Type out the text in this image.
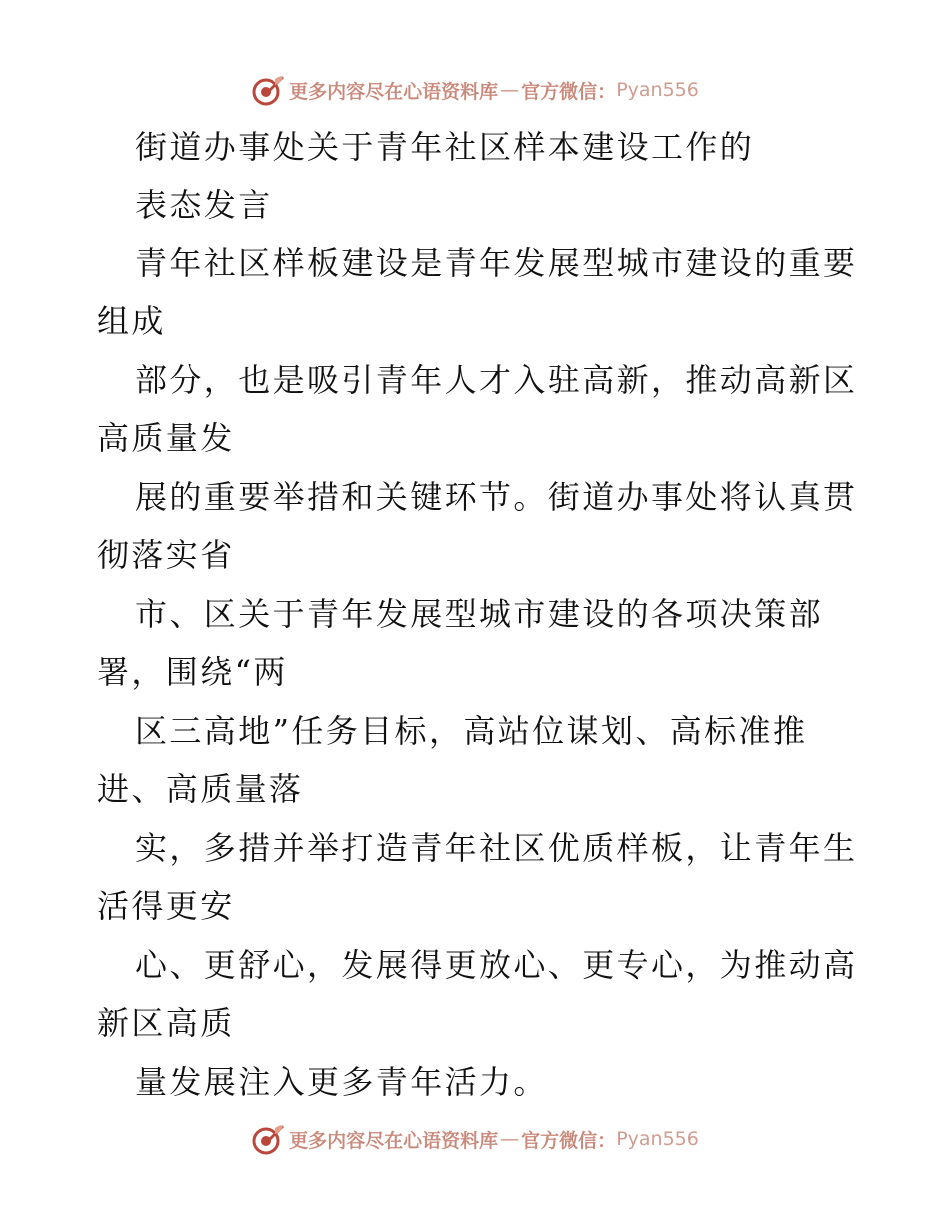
更多内容尽在心语资料库 — 官方微信： Pyan556

街道办事处关于青年社区样本建设工作的

表态发言

青年社区样板建设是青年发展型城市建设的重要

组成

部分，也是吸引青年人才入驻高新，推动高新区

高质量发

展的重要举措和关键环节。街道办事处将认真贯

彻落实省

市、区关于青年发展型城市建设的各项决策部

署，围绕“两

区三高地”任务目标，高站位谋划、高标准推

进、高质量落

实，多措并举打造青年社区优质样板，让青年生

活得更安

心、更舒心，发展得更放心、更专心，为推动高

新区高质

量发展注入更多青年活力。

更多内容尽在心语资料库 — 官方微信： Pyan556
